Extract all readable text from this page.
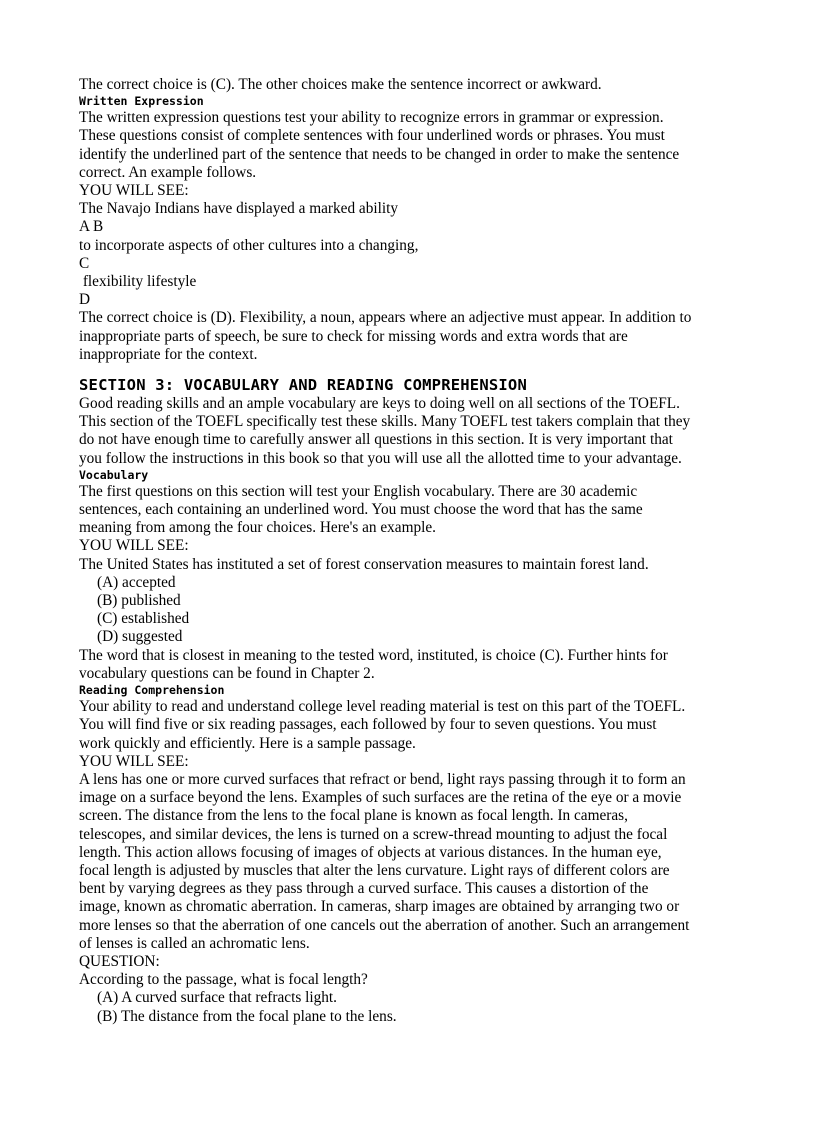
The correct choice is (C). The other choices make the sentence incorrect or awkward.
Written Expression
The written expression questions test your ability to recognize errors in grammar or expression.
These questions consist of complete sentences with four underlined words or phrases. You must
identify the underlined part of the sentence that needs to be changed in order to make the sentence
correct. An example follows.
YOU WILL SEE:
The Navajo Indians have displayed a marked ability
A B
to incorporate aspects of other cultures into a changing,
C
flexibility lifestyle
D
The correct choice is (D). Flexibility, a noun, appears where an adjective must appear. In addition to
inappropriate parts of speech, be sure to check for missing words and extra words that are
inappropriate for the context.
SECTION 3: VOCABULARY AND READING COMPREHENSION
Good reading skills and an ample vocabulary are keys to doing well on all sections of the TOEFL.
This section of the TOEFL specifically test these skills. Many TOEFL test takers complain that they
do not have enough time to carefully answer all questions in this section. It is very important that
you follow the instructions in this book so that you will use all the allotted time to your advantage.
Vocabulary
The first questions on this section will test your English vocabulary. There are 30 academic
sentences, each containing an underlined word. You must choose the word that has the same
meaning from among the four choices. Here's an example.
YOU WILL SEE:
The United States has instituted a set of forest conservation measures to maintain forest land.
(A) accepted
(B) published
(C) established
(D) suggested
The word that is closest in meaning to the tested word, instituted, is choice (C). Further hints for
vocabulary questions can be found in Chapter 2.
Reading Comprehension
Your ability to read and understand college level reading material is test on this part of the TOEFL.
You will find five or six reading passages, each followed by four to seven questions. You must
work quickly and efficiently. Here is a sample passage.
YOU WILL SEE:
A lens has one or more curved surfaces that refract or bend, light rays passing through it to form an
image on a surface beyond the lens. Examples of such surfaces are the retina of the eye or a movie
screen. The distance from the lens to the focal plane is known as focal length. In cameras,
telescopes, and similar devices, the lens is turned on a screw-thread mounting to adjust the focal
length. This action allows focusing of images of objects at various distances. In the human eye,
focal length is adjusted by muscles that alter the lens curvature. Light rays of different colors are
bent by varying degrees as they pass through a curved surface. This causes a distortion of the
image, known as chromatic aberration. In cameras, sharp images are obtained by arranging two or
more lenses so that the aberration of one cancels out the aberration of another. Such an arrangement
of lenses is called an achromatic lens.
QUESTION:
According to the passage, what is focal length?
(A) A curved surface that refracts light.
(B) The distance from the focal plane to the lens.
